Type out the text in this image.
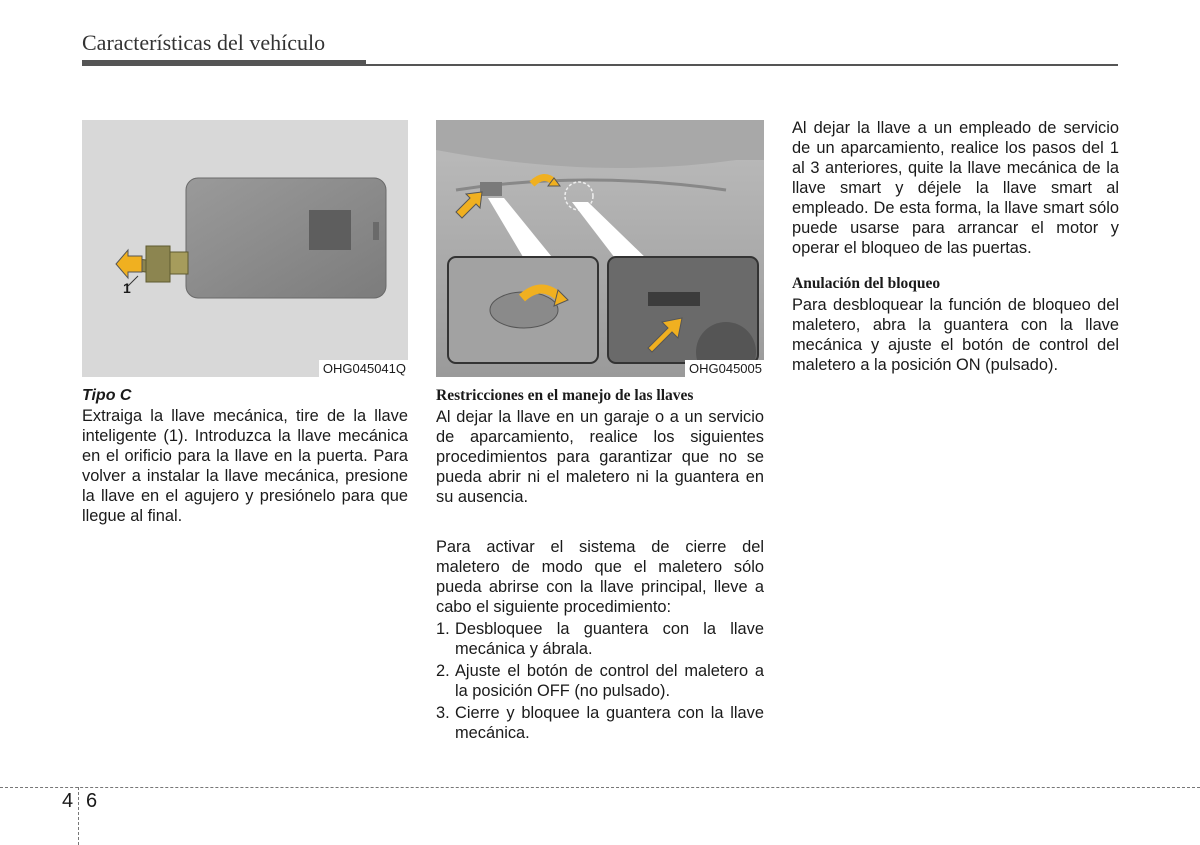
Características del vehículo
1
OHG045041Q	OHG045005

Tipo C

Extraiga la llave mecánica, tire de la llave inteligente (1). Introduzca la llave mecánica en el orificio para la llave en la puerta. Para volver a instalar la llave mecánica, presione la llave en el agujero y presiónelo para que llegue al final.

Restricciones en el manejo de las llaves

Al dejar la llave en un garaje o a un servicio de aparcamiento, realice los siguientes procedimientos para garantizar que no se pueda abrir ni el maletero ni la guantera en su ausencia.

Para activar el sistema de cierre del maletero de modo que el maletero sólo pueda abrirse con la llave principal, lleve a cabo el siguiente procedimiento:

1. Desbloquee la guantera con la llave mecánica y ábrala.
2. Ajuste el botón de control del maletero a la posición OFF (no pulsado).
3. Cierre y bloquee la guantera con la llave mecánica.

Al dejar la llave a un empleado de servicio de un aparcamiento, realice los pasos del 1 al 3 anteriores, quite la llave mecánica de la llave smart y déjele la llave smart al empleado. De esta forma, la llave smart sólo puede usarse para arrancar el motor y operar el bloqueo de las puertas.

Anulación del bloqueo

Para desbloquear la función de bloqueo del maletero, abra la guantera con la llave mecánica y ajuste el botón de control del maletero a la posición ON (pulsado).

4 6
